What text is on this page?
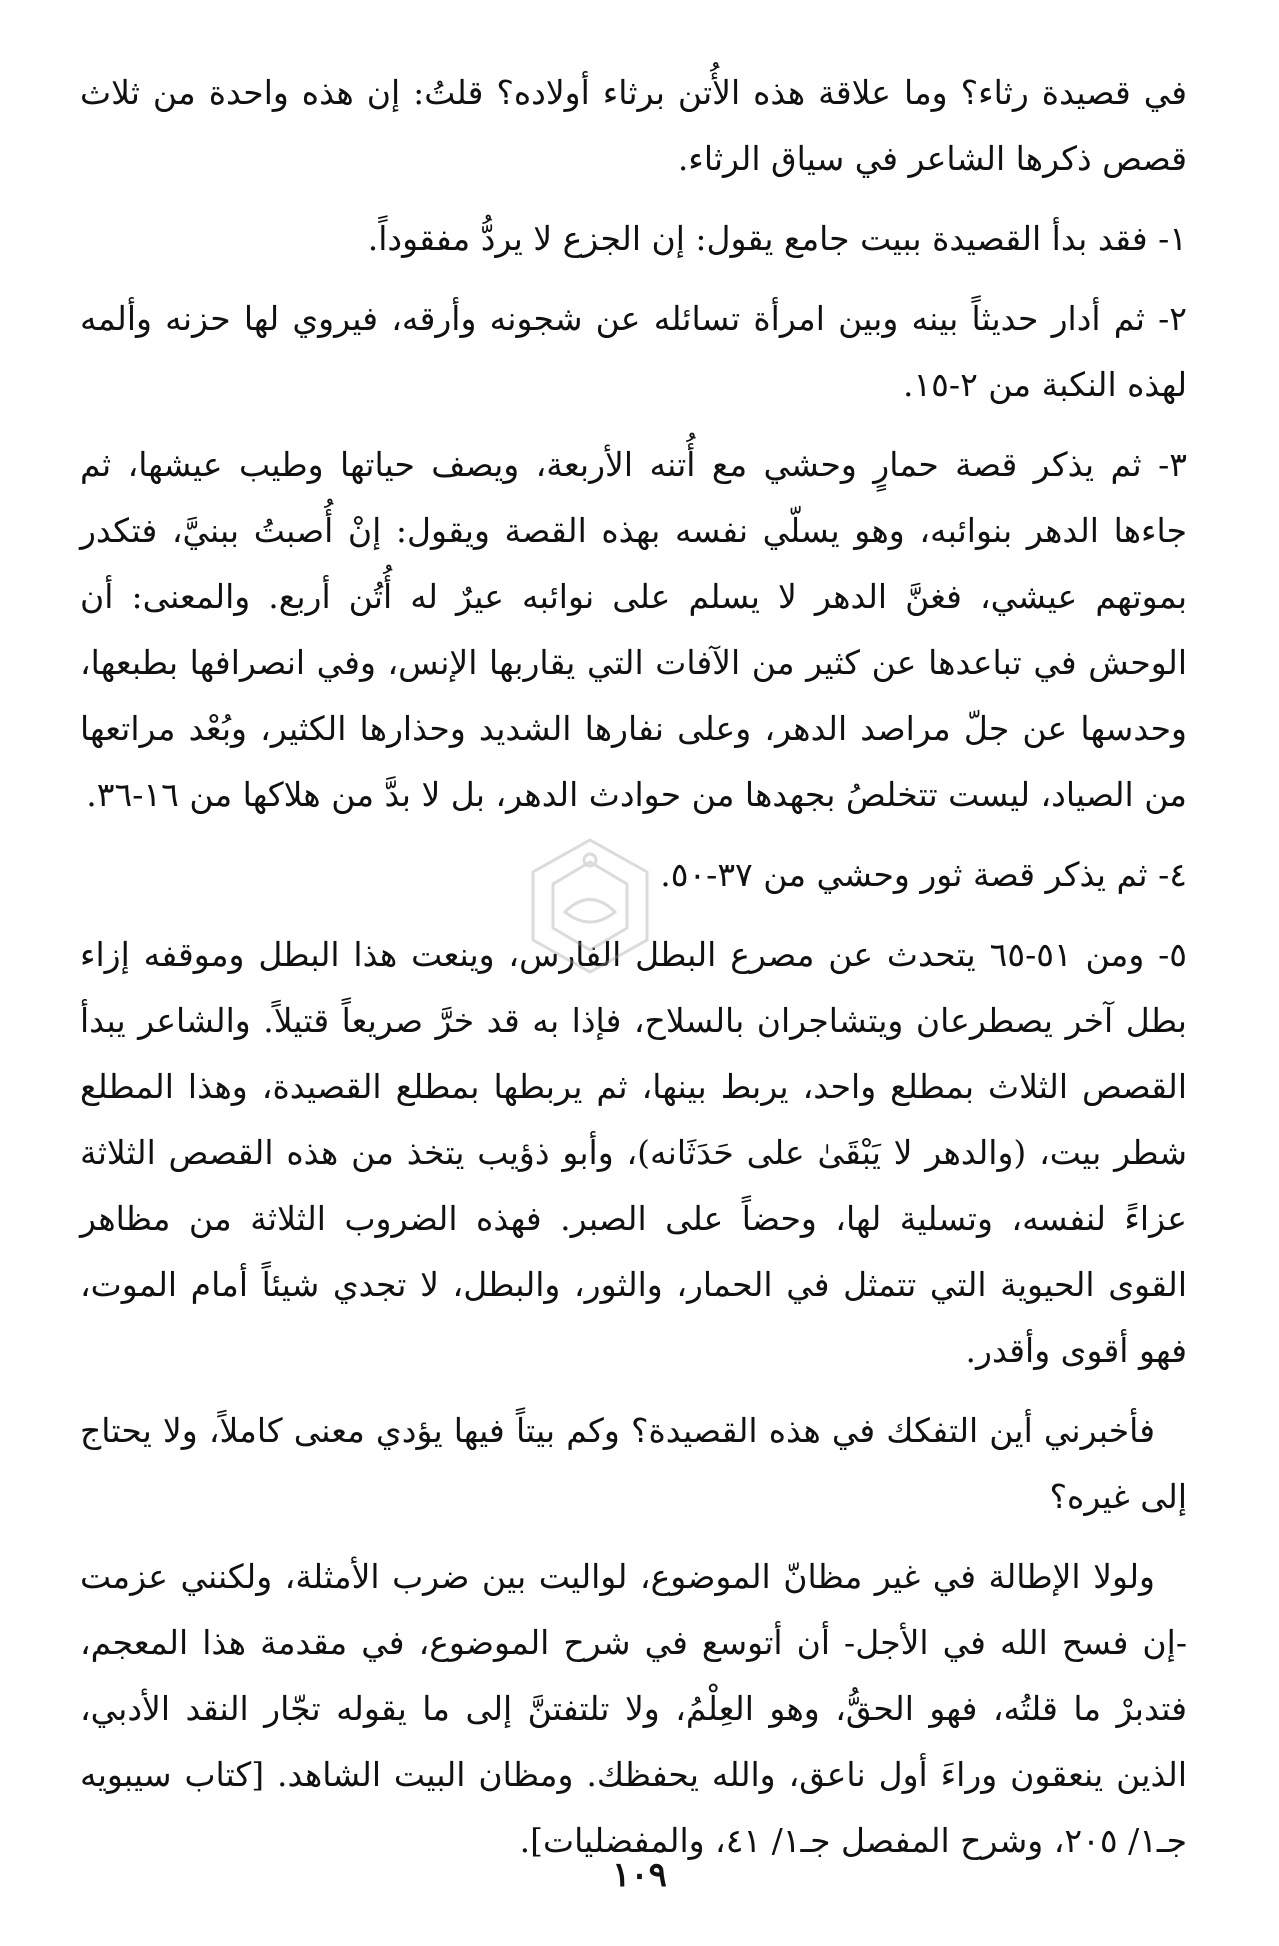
في قصيدة رثاء؟ وما علاقة هذه الأُتن برثاء أولاده؟ قلتُ: إن هذه واحدة من ثلاث قصص ذكرها الشاعر في سياق الرثاء.

١- فقد بدأ القصيدة ببيت جامع يقول: إن الجزع لا يردُّ مفقوداً.

٢- ثم أدار حديثاً بينه وبين امرأة تسائله عن شجونه وأرقه، فيروي لها حزنه وألمه لهذه النكبة من ٢-١٥.

٣- ثم يذكر قصة حمارٍ وحشي مع أُتنه الأربعة، ويصف حياتها وطيب عيشها، ثم جاءها الدهر بنوائبه، وهو يسلّي نفسه بهذه القصة ويقول: إنْ أُصبتُ ببنيَّ، فتكدر بموتهم عيشي، فغنَّ الدهر لا يسلم على نوائبه عيرٌ له أُتُن أربع. والمعنى: أن الوحش في تباعدها عن كثير من الآفات التي يقاربها الإنس، وفي انصرافها بطبعها، وحدسها عن جلّ مراصد الدهر، وعلى نفارها الشديد وحذارها الكثير، وبُعْد مراتعها من الصياد، ليست تتخلصُ بجهدها من حوادث الدهر، بل لا بدَّ من هلاكها من ١٦-٣٦.

٤- ثم يذكر قصة ثور وحشي من ٣٧-٥٠.

٥- ومن ٥١-٦٥ يتحدث عن مصرع البطل الفارس، وينعت هذا البطل وموقفه إزاء بطل آخر يصطرعان ويتشاجران بالسلاح، فإذا به قد خرَّ صريعاً قتيلاً. والشاعر يبدأ القصص الثلاث بمطلع واحد، يربط بينها، ثم يربطها بمطلع القصيدة، وهذا المطلع شطر بيت، (والدهر لا يَبْقَىٰ على حَدَثَانه)، وأبو ذؤيب يتخذ من هذه القصص الثلاثة عزاءً لنفسه، وتسلية لها، وحضاً على الصبر. فهذه الضروب الثلاثة من مظاهر القوى الحيوية التي تتمثل في الحمار، والثور، والبطل، لا تجدي شيئاً أمام الموت، فهو أقوى وأقدر.

فأخبرني أين التفكك في هذه القصيدة؟ وكم بيتاً فيها يؤدي معنى كاملاً، ولا يحتاج إلى غيره؟

ولولا الإطالة في غير مظانّ الموضوع، لواليت بين ضرب الأمثلة، ولكنني عزمت -إن فسح الله في الأجل- أن أتوسع في شرح الموضوع، في مقدمة هذا المعجم، فتدبرْ ما قلتُه، فهو الحقُّ، وهو العِلْمُ، ولا تلتفتنَّ إلى ما يقوله تجّار النقد الأدبي، الذين ينعقون وراءَ أول ناعق، والله يحفظك. ومظان البيت الشاهد. [كتاب سيبويه جـ١/ ٢٠٥، وشرح المفصل جـ١/ ٤١، والمفضليات].

١٠٩
